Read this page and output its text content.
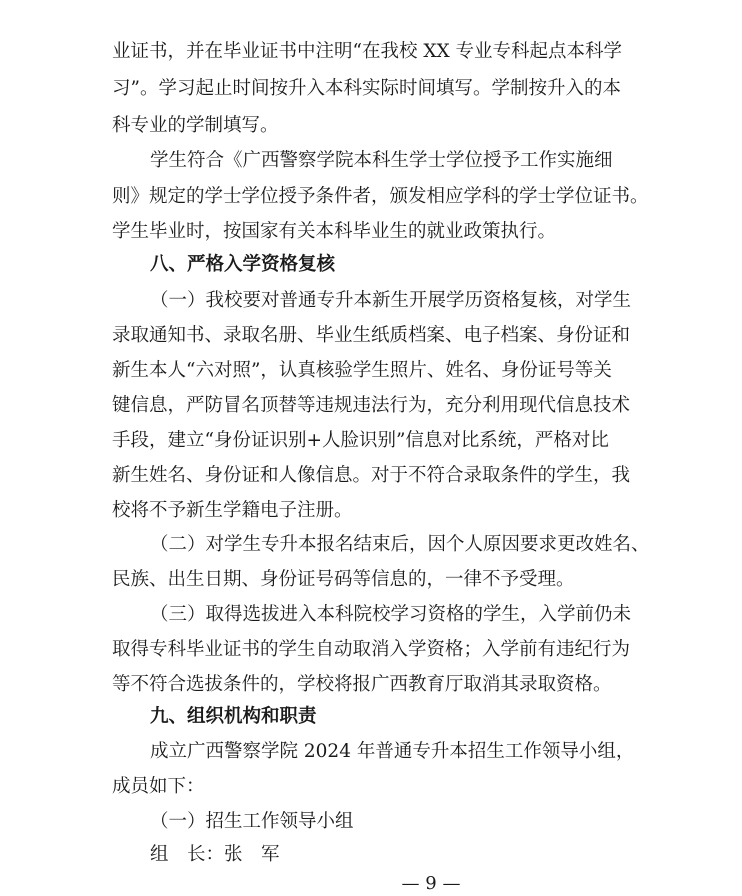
业证书，并在毕业证书中注明“在我校 XX 专业专科起点本科学
习”。学习起止时间按升入本科实际时间填写。学制按升入的本
科专业的学制填写。
学生符合《广西警察学院本科生学士学位授予工作实施细
则》规定的学士学位授予条件者，颁发相应学科的学士学位证书。
学生毕业时，按国家有关本科毕业生的就业政策执行。
八、严格入学资格复核
（一）我校要对普通专升本新生开展学历资格复核，对学生
录取通知书、录取名册、毕业生纸质档案、电子档案、身份证和
新生本人“六对照”，认真核验学生照片、姓名、身份证号等关
键信息，严防冒名顶替等违规违法行为，充分利用现代信息技术
手段，建立“身份证识别+人脸识别”信息对比系统，严格对比
新生姓名、身份证和人像信息。对于不符合录取条件的学生，我
校将不予新生学籍电子注册。
（二）对学生专升本报名结束后，因个人原因要求更改姓名、
民族、出生日期、身份证号码等信息的，一律不予受理。
（三）取得选拔进入本科院校学习资格的学生，入学前仍未
取得专科毕业证书的学生自动取消入学资格；入学前有违纪行为
等不符合选拔条件的，学校将报广西教育厅取消其录取资格。
九、组织机构和职责
成立广西警察学院 2024 年普通专升本招生工作领导小组，
成员如下：
（一）招生工作领导小组
组　长：张　军
— 9 —
